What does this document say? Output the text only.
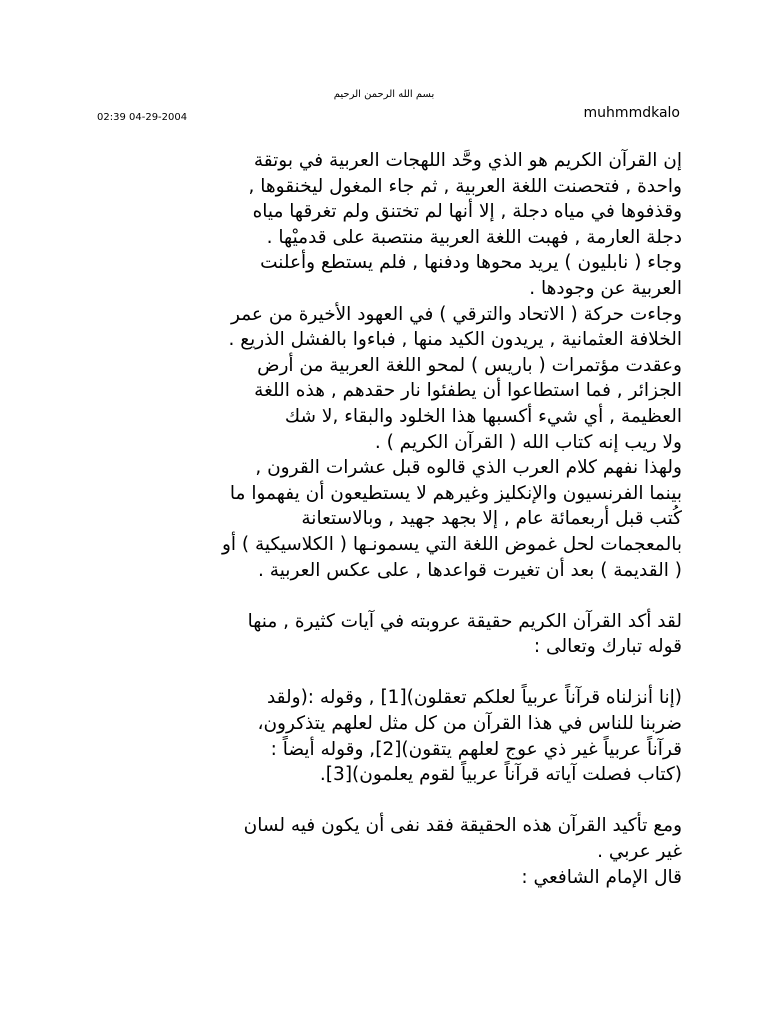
بسم الله الرحمن الرحيم
muhmmdkalo
02:39 04-29-2004
إن القرآن الكريم هو الذي وحَّد اللهجات العربية في بوتقة
واحدة , فتحصنت اللغة العربية , ثم جاء المغول ليخنقوها ,
وقذفوها في مياه دجلة , إلا أنها لم تختنق ولم تغرقها مياه
دجلة العارمة , فهبت اللغة العربية منتصبة على قدميْها .
وجاء ( نابليون ) يريد محوها ودفنها , فلم يستطع وأعلنت
العربية عن وجودها .
وجاءت حركة ( الاتحاد والترقي ) في العهود الأخيرة من عمر
الخلافة العثمانية , يريدون الكيد منها , فباءوا بالفشل الذريع .
وعقدت مؤتمرات ( باريس ) لمحو اللغة العربية من أرض
الجزائر , فما استطاعوا أن يطفئوا نار حقدهم , هذه اللغة
العظيمة , أي شيء أكسبها هذا الخلود والبقاء ,لا شك
ولا ريب إنه كتاب الله ( القرآن الكريم ) .
ولهذا نفهم كلام العرب الذي قالوه قبل عشرات القرون ,
بينما الفرنسيون والإنكليز وغيرهم لا يستطيعون أن يفهموا ما
كُتب قبل أربعمائة عام , إلا بجهد جهيد , وبالاستعانة
بالمعجمات لحل غموض اللغة التي يسمونـها ( الكلاسيكية ) أو
( القديمة ) بعد أن تغيرت قواعدها , على عكس العربية .
لقد أكد القرآن الكريم حقيقة عروبته في آيات كثيرة , منها
قوله تبارك وتعالى :
(إنا أنزلناه قرآناً عربياً لعلكم تعقلون)[1] , وقوله :(ولقد
ضربنا للناس في هذا القرآن من كل مثل لعلهم يتذكرون،
قرآناً عربياً غير ذي عوج لعلهم يتقون)[2], وقوله أيضاً :
(كتاب فصلت آياته قرآناً عربياً لقوم يعلمون)[3].
ومع تأكيد القرآن هذه الحقيقة فقد نفى أن يكون فيه لسان
غير عربي .
قال الإمام الشافعي :
